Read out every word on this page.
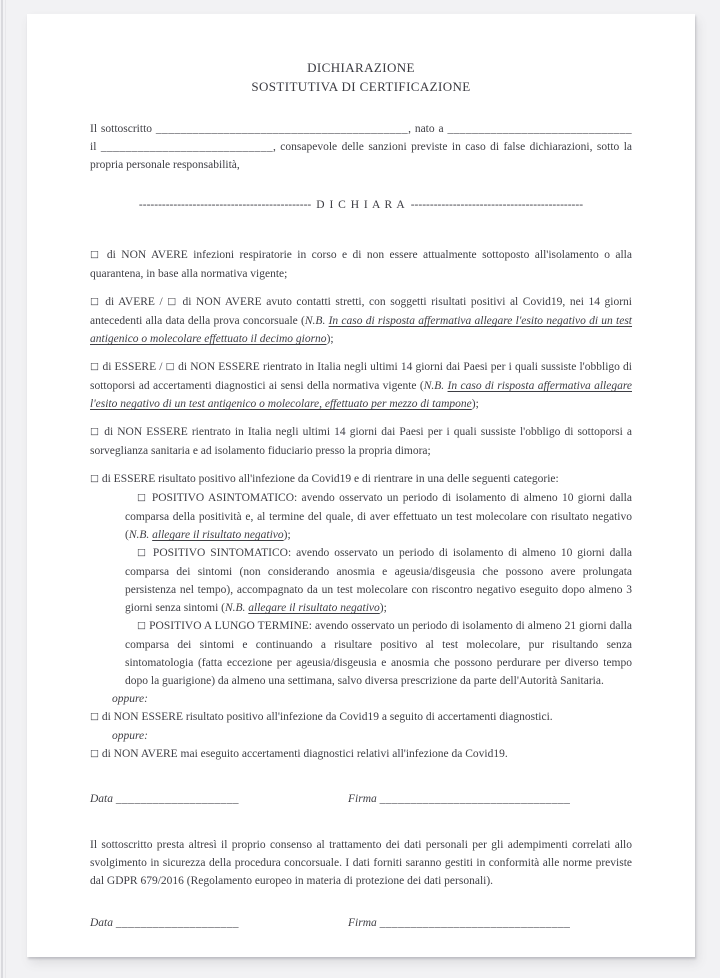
DICHIARAZIONE
SOSTITUTIVA DI CERTIFICAZIONE

Il sottoscritto _________________________________________, nato a ______________________________ il ____________________________, consapevole delle sanzioni previste in caso di false dichiarazioni, sotto la propria personale responsabilità,

--------------------------------------------- D I C H I A R A ---------------------------------------------

□ di NON AVERE infezioni respiratorie in corso e di non essere attualmente sottoposto all'isolamento o alla quarantena, in base alla normativa vigente;

□ di AVERE / □ di NON AVERE avuto contatti stretti, con soggetti risultati positivi al Covid19, nei 14 giorni antecedenti alla data della prova concorsuale (N.B. In caso di risposta affermativa allegare l'esito negativo di un test antigenico o molecolare effettuato il decimo giorno);

□ di ESSERE / □ di NON ESSERE rientrato in Italia negli ultimi 14 giorni dai Paesi per i quali sussiste l'obbligo di sottoporsi ad accertamenti diagnostici ai sensi della normativa vigente (N.B. In caso di risposta affermativa allegare l'esito negativo di un test antigenico o molecolare, effettuato per mezzo di tampone);

□ di NON ESSERE rientrato in Italia negli ultimi 14 giorni dai Paesi per i quali sussiste l'obbligo di sottoporsi a sorveglianza sanitaria e ad isolamento fiduciario presso la propria dimora;

□ di ESSERE risultato positivo all'infezione da Covid19 e di rientrare in una delle seguenti categorie:

□ POSITIVO ASINTOMATICO: avendo osservato un periodo di isolamento di almeno 10 giorni dalla comparsa della positività e, al termine del quale, di aver effettuato un test molecolare con risultato negativo (N.B. allegare il risultato negativo);

□ POSITIVO SINTOMATICO: avendo osservato un periodo di isolamento di almeno 10 giorni dalla comparsa dei sintomi (non considerando anosmia e ageusia/disgeusia che possono avere prolungata persistenza nel tempo), accompagnato da un test molecolare con riscontro negativo eseguito dopo almeno 3 giorni senza sintomi (N.B. allegare il risultato negativo);

□ POSITIVO A LUNGO TERMINE: avendo osservato un periodo di isolamento di almeno 21 giorni dalla comparsa dei sintomi e continuando a risultare positivo al test molecolare, pur risultando senza sintomatologia (fatta eccezione per ageusia/disgeusia e anosmia che possono perdurare per diverso tempo dopo la guarigione) da almeno una settimana, salvo diversa prescrizione da parte dell'Autorità Sanitaria.

oppure:

□ di NON ESSERE risultato positivo all'infezione da Covid19 a seguito di accertamenti diagnostici.

oppure:

□ di NON AVERE mai eseguito accertamenti diagnostici relativi all'infezione da Covid19.

Data ____________________	Firma _______________________________

Il sottoscritto presta altresì il proprio consenso al trattamento dei dati personali per gli adempimenti correlati allo svolgimento in sicurezza della procedura concorsuale. I dati forniti saranno gestiti in conformità alle norme previste dal GDPR 679/2016 (Regolamento europeo in materia di protezione dei dati personali).

Data ____________________	Firma _______________________________
